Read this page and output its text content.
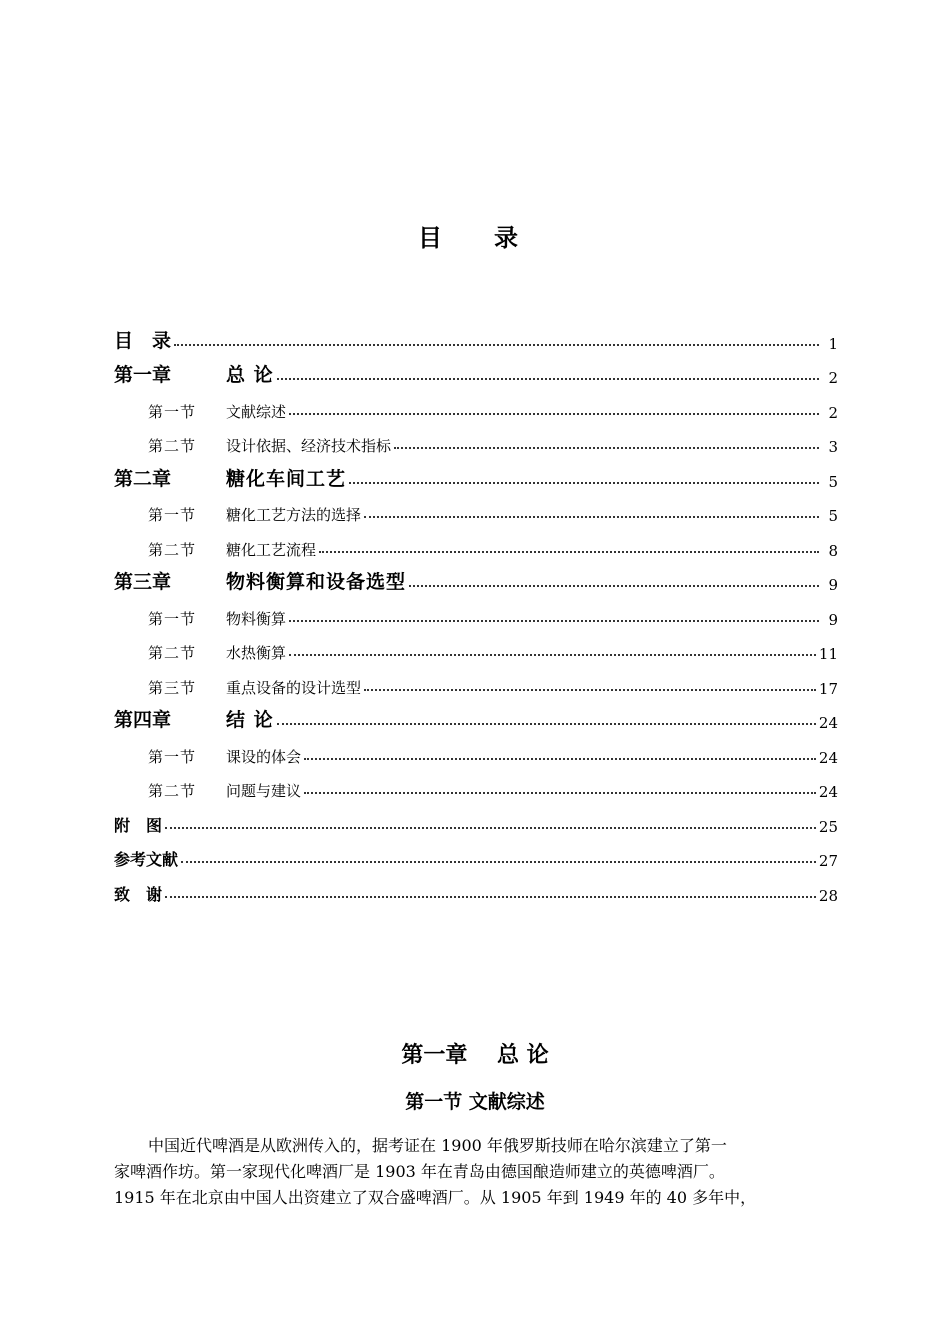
目　录
目　录	1
第一章	总 论	2
第一节	文献综述	2
第二节	设计依据、经济技术指标	3
第二章	糖化车间工艺	5
第一节	糖化工艺方法的选择	5
第二节	糖化工艺流程	8
第三章	物料衡算和设备选型	9
第一节	物料衡算	9
第二节	水热衡算	11
第三节	重点设备的设计选型	17
第四章	结 论	24
第一节	课设的体会	24
第二节	问题与建议	24
附　图	25
参考文献	27
致　谢	28
第一章　 总 论
第一节 文献综述
中国近代啤酒是从欧洲传入的，据考证在 1900 年俄罗斯技师在哈尔滨建立了第一
家啤酒作坊。第一家现代化啤酒厂是 1903 年在青岛由德国酿造师建立的英德啤酒厂。
1915 年在北京由中国人出资建立了双合盛啤酒厂。从 1905 年到 1949 年的 40 多年中，
